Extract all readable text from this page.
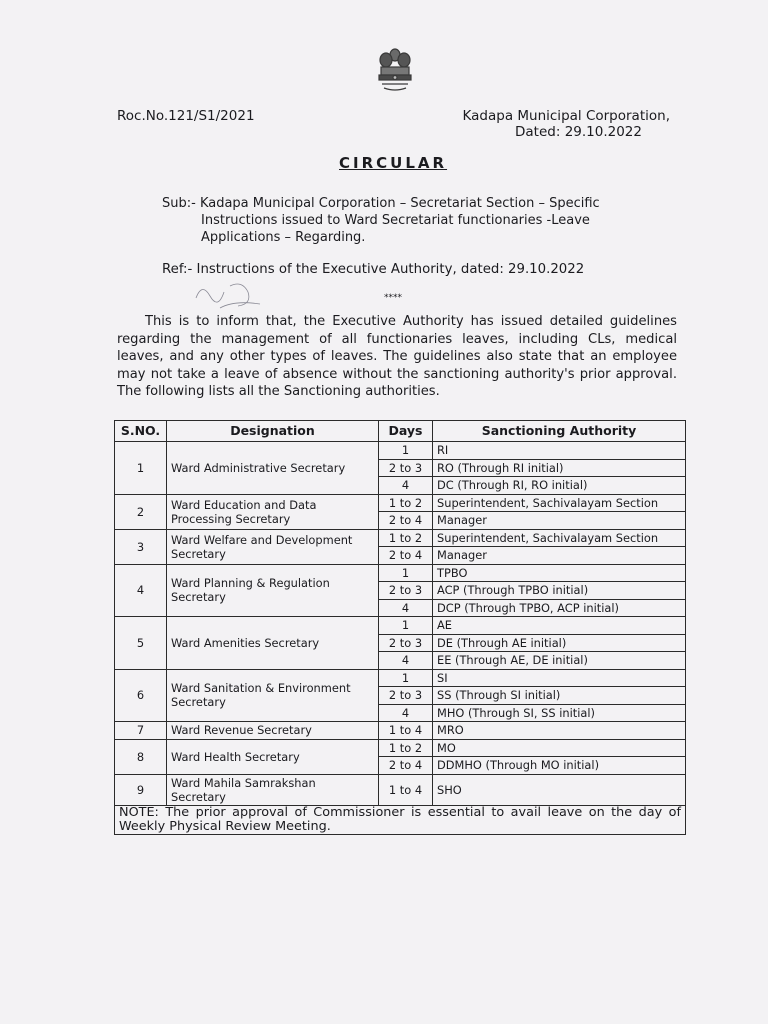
Roc.No.121/S1/2021	Kadapa Municipal Corporation,
Dated: 29.10.2022
CIRCULAR
Sub:- Kadapa Municipal Corporation – Secretariat Section – Specific
Instructions issued to Ward Secretariat functionaries -Leave
Applications – Regarding.
Ref:- Instructions of the Executive Authority, dated: 29.10.2022
****
This is to inform that, the Executive Authority has issued detailed guidelines
regarding the management of all functionaries leaves, including CLs, medical
leaves, and any other types of leaves. The guidelines also state that an employee
may not take a leave of absence without the sanctioning authority's prior approval.
The following lists all the Sanctioning authorities.
S.NO.	Designation	Days	Sanctioning Authority
1	Ward Administrative Secretary	1	RI
		2 to 3	RO (Through RI initial)
		4	DC (Through RI, RO initial)
2	Ward Education and Data Processing Secretary	1 to 2	Superintendent, Sachivalayam Section
		2 to 4	Manager
3	Ward Welfare and Development Secretary	1 to 2	Superintendent, Sachivalayam Section
		2 to 4	Manager
4	Ward Planning & Regulation Secretary	1	TPBO
		2 to 3	ACP (Through TPBO initial)
		4	DCP (Through TPBO, ACP initial)
5	Ward Amenities Secretary	1	AE
		2 to 3	DE (Through AE initial)
		4	EE (Through AE, DE initial)
6	Ward Sanitation & Environment Secretary	1	SI
		2 to 3	SS (Through SI initial)
		4	MHO (Through SI, SS initial)
7	Ward Revenue Secretary	1 to 4	MRO
8	Ward Health Secretary	1 to 2	MO
		2 to 4	DDMHO (Through MO initial)
9	Ward Mahila Samrakshan Secretary	1 to 4	SHO

NOTE: The prior approval of Commissioner is essential to avail leave on the day of
Weekly Physical Review Meeting.			
